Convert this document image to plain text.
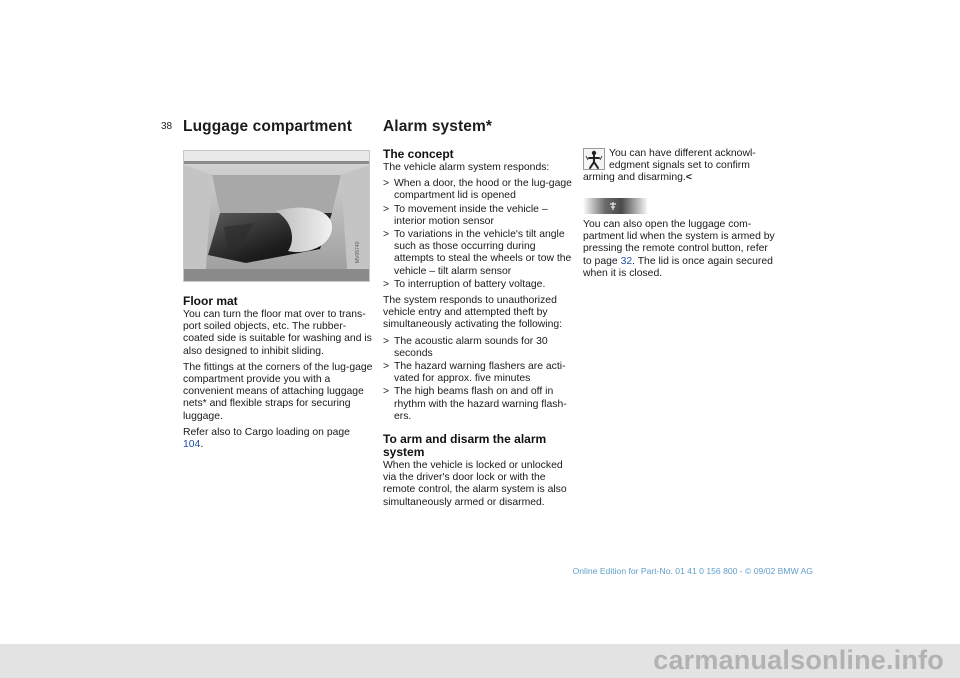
38 Luggage compartment
MV05740
Floor mat

You can turn the floor mat over to trans-port soiled objects, etc. The rubber-coated side is suitable for washing and is also designed to inhibit sliding.

The fittings at the corners of the lug-gage compartment provide you with a convenient means of attaching luggage nets* and flexible straps for securing luggage.

Refer also to Cargo loading on page 104.

Alarm system*
The concept

The vehicle alarm system responds:

> When a door, the hood or the lug-gage compartment lid is opened
> To movement inside the vehicle – interior motion sensor
> To variations in the vehicle's tilt angle such as those occurring during attempts to steal the wheels or tow the vehicle – tilt alarm sensor
> To interruption of battery voltage.

The system responds to unauthorized vehicle entry and attempted theft by simultaneously activating the following:

> The acoustic alarm sounds for 30 seconds
> The hazard warning flashers are acti-vated for approx. five minutes
> The high beams flash on and off in rhythm with the hazard warning flash-ers.
To arm and disarm the alarm system

When the vehicle is locked or unlocked via the driver's door lock or with the remote control, the alarm system is also simultaneously armed or disarmed.

You can have different acknowl-
edgment signals set to confirm
arming and disarming.<

You can also open the luggage com-partment lid when the system is armed by pressing the remote control button, refer to page 32. The lid is once again secured when it is closed.

Online Edition for Part-No. 01 41 0 156 800 - © 09/02 BMW AG
carmanualsonline.info
